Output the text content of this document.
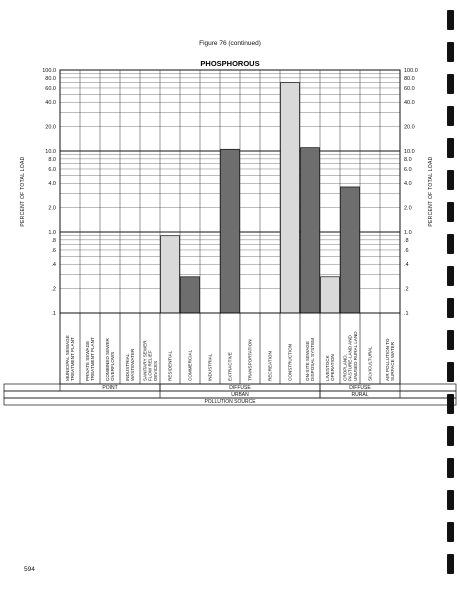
Figure 76 (continued)
PHOSPHOROUS
100.0	100.0
80.0	80.0
60.0	60.0
40.0	40.0
20.0	20.0
10.0	10.0
8.0	8.0
6.0	6.0
4.0	4.0
2.0	2.0
1.0	1.0
.8	.8
.6	.6
.4	.4
.2	.2
.1	.1
PERCENT OF TOTAL LOAD	PERCENT OF TOTAL LOAD
MUNICIPAL SEWAGE TREATMENT PLANT PRIVATE SEWAGE TREATMENT PLANT COMBINED SEWER OVERFLOWS INDUSTRIAL WASTEWATER SANITARY SEWER FLOW RELIEF DEVICES RESIDENTIAL	COMMERCIAL	INDUSTRIAL	EXTRACTIVE	TRANSPORTATION	RECREATION	CONSTRUCTION	ON-SITE SEWAGE DISPOSAL SYSTEM LIVESTOCK OPERATION CROPLAND, PASTURE-LAND AND UNUSED RURAL LAND SILVICULTURAL	AIR POLLUTION TO SURFACE WATER
POINT	DIFFUSE	DIFFUSE
URBAN	RURAL
POLLUTION SOURCE
594
